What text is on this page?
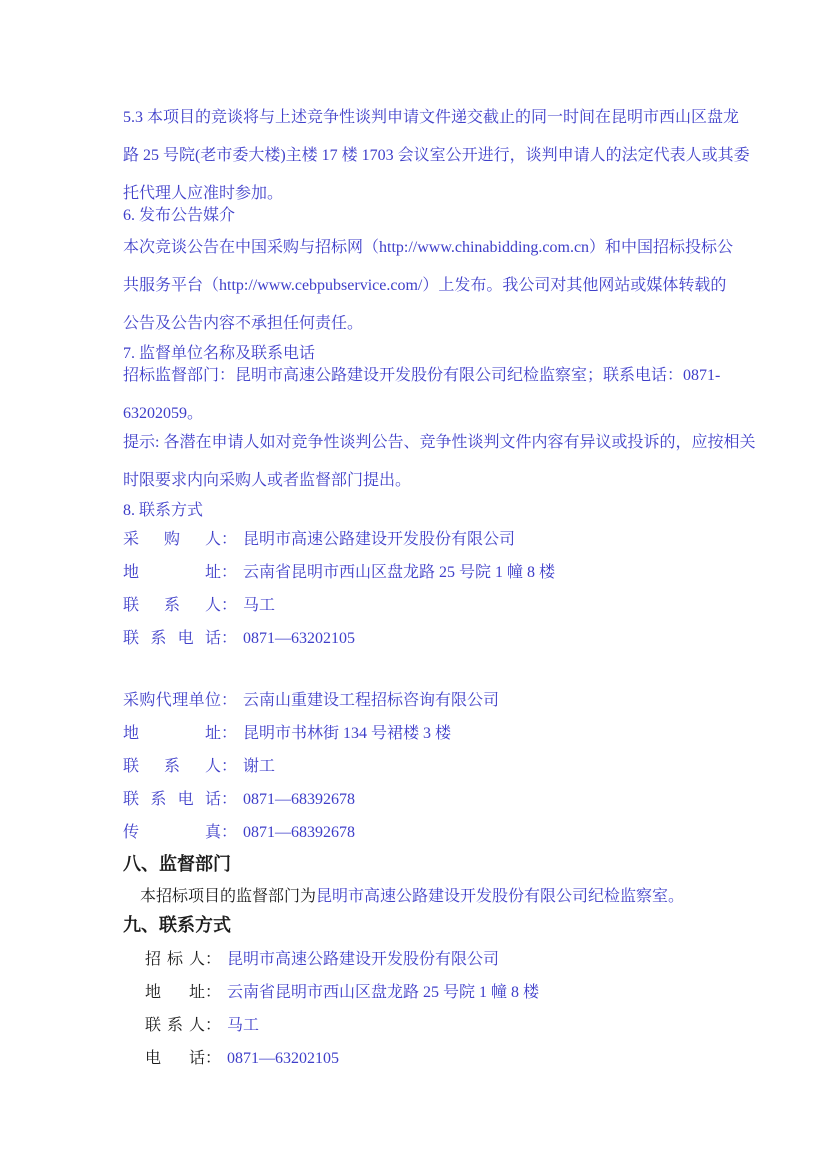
5.3 本项目的竞谈将与上述竞争性谈判申请文件递交截止的同一时间在昆明市西山区盘龙
路 25 号院(老市委大楼)主楼 17 楼 1703 会议室公开进行，谈判申请人的法定代表人或其委
托代理人应准时参加。
6. 发布公告媒介
本次竞谈公告在中国采购与招标网（http://www.chinabidding.com.cn）和中国招标投标公
共服务平台（http://www.cebpubservice.com/）上发布。我公司对其他网站或媒体转载的
公告及公告内容不承担任何责任。
7. 监督单位名称及联系电话
招标监督部门：昆明市高速公路建设开发股份有限公司纪检监察室；联系电话：0871-
63202059。
提示: 各潜在申请人如对竞争性谈判公告、竞争性谈判文件内容有异议或投诉的，应按相关
时限要求内向采购人或者监督部门提出。
8. 联系方式
采购人： 昆明市高速公路建设开发股份有限公司
地址： 云南省昆明市西山区盘龙路 25 号院 1 幢 8 楼
联系人： 马工
联系电话： 0871—63202105
采购代理单位： 云南山重建设工程招标咨询有限公司
地址： 昆明市书林街 134 号裙楼 3 楼
联系人： 谢工
联系电话： 0871—68392678
传真： 0871—68392678
八、监督部门
本招标项目的监督部门为昆明市高速公路建设开发股份有限公司纪检监察室。
九、联系方式
招标人： 昆明市高速公路建设开发股份有限公司
地址： 云南省昆明市西山区盘龙路 25 号院 1 幢 8 楼
联系人： 马工
电话： 0871—63202105
